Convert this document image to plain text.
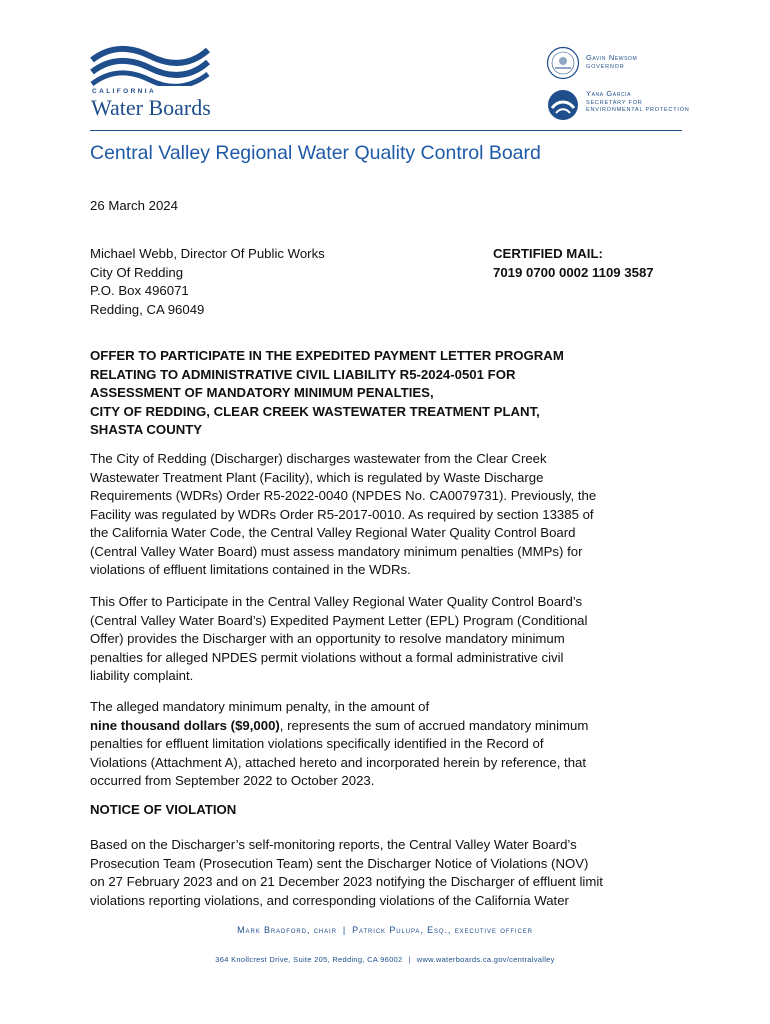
CALIFORNIA
Water Boards
Gavin Newsom
GOVERNOR
Yana Garcia
SECRETARY FOR
ENVIRONMENTAL PROTECTION
Central Valley Regional Water Quality Control Board
26 March 2024
Michael Webb, Director Of Public Works
City Of Redding
P.O. Box 496071
Redding, CA 96049
CERTIFIED MAIL:
7019 0700 0002 1109 3587
OFFER TO PARTICIPATE IN THE EXPEDITED PAYMENT LETTER PROGRAM
RELATING TO ADMINISTRATIVE CIVIL LIABILITY R5-2024-0501 FOR
ASSESSMENT OF MANDATORY MINIMUM PENALTIES,
CITY OF REDDING, CLEAR CREEK WASTEWATER TREATMENT PLANT,
SHASTA COUNTY
The City of Redding (Discharger) discharges wastewater from the Clear Creek
Wastewater Treatment Plant (Facility), which is regulated by Waste Discharge
Requirements (WDRs) Order R5-2022-0040 (NPDES No. CA0079731). Previously, the
Facility was regulated by WDRs Order R5-2017-0010. As required by section 13385 of
the California Water Code, the Central Valley Regional Water Quality Control Board
(Central Valley Water Board) must assess mandatory minimum penalties (MMPs) for
violations of effluent limitations contained in the WDRs.
This Offer to Participate in the Central Valley Regional Water Quality Control Board’s
(Central Valley Water Board’s) Expedited Payment Letter (EPL) Program (Conditional
Offer) provides the Discharger with an opportunity to resolve mandatory minimum
penalties for alleged NPDES permit violations without a formal administrative civil
liability complaint.
The alleged mandatory minimum penalty, in the amount of
nine thousand dollars ($9,000), represents the sum of accrued mandatory minimum
penalties for effluent limitation violations specifically identified in the Record of
Violations (Attachment A), attached hereto and incorporated herein by reference, that
occurred from September 2022 to October 2023.
NOTICE OF VIOLATION
Based on the Discharger’s self-monitoring reports, the Central Valley Water Board’s
Prosecution Team (Prosecution Team) sent the Discharger Notice of Violations (NOV)
on 27 February 2023 and on 21 December 2023 notifying the Discharger of effluent limit
violations reporting violations, and corresponding violations of the California Water
Mark Bradford, chair | Patrick Pulupa, Esq., executive officer
364 Knollcrest Drive, Suite 205, Redding, CA 96002 | www.waterboards.ca.gov/centralvalley
